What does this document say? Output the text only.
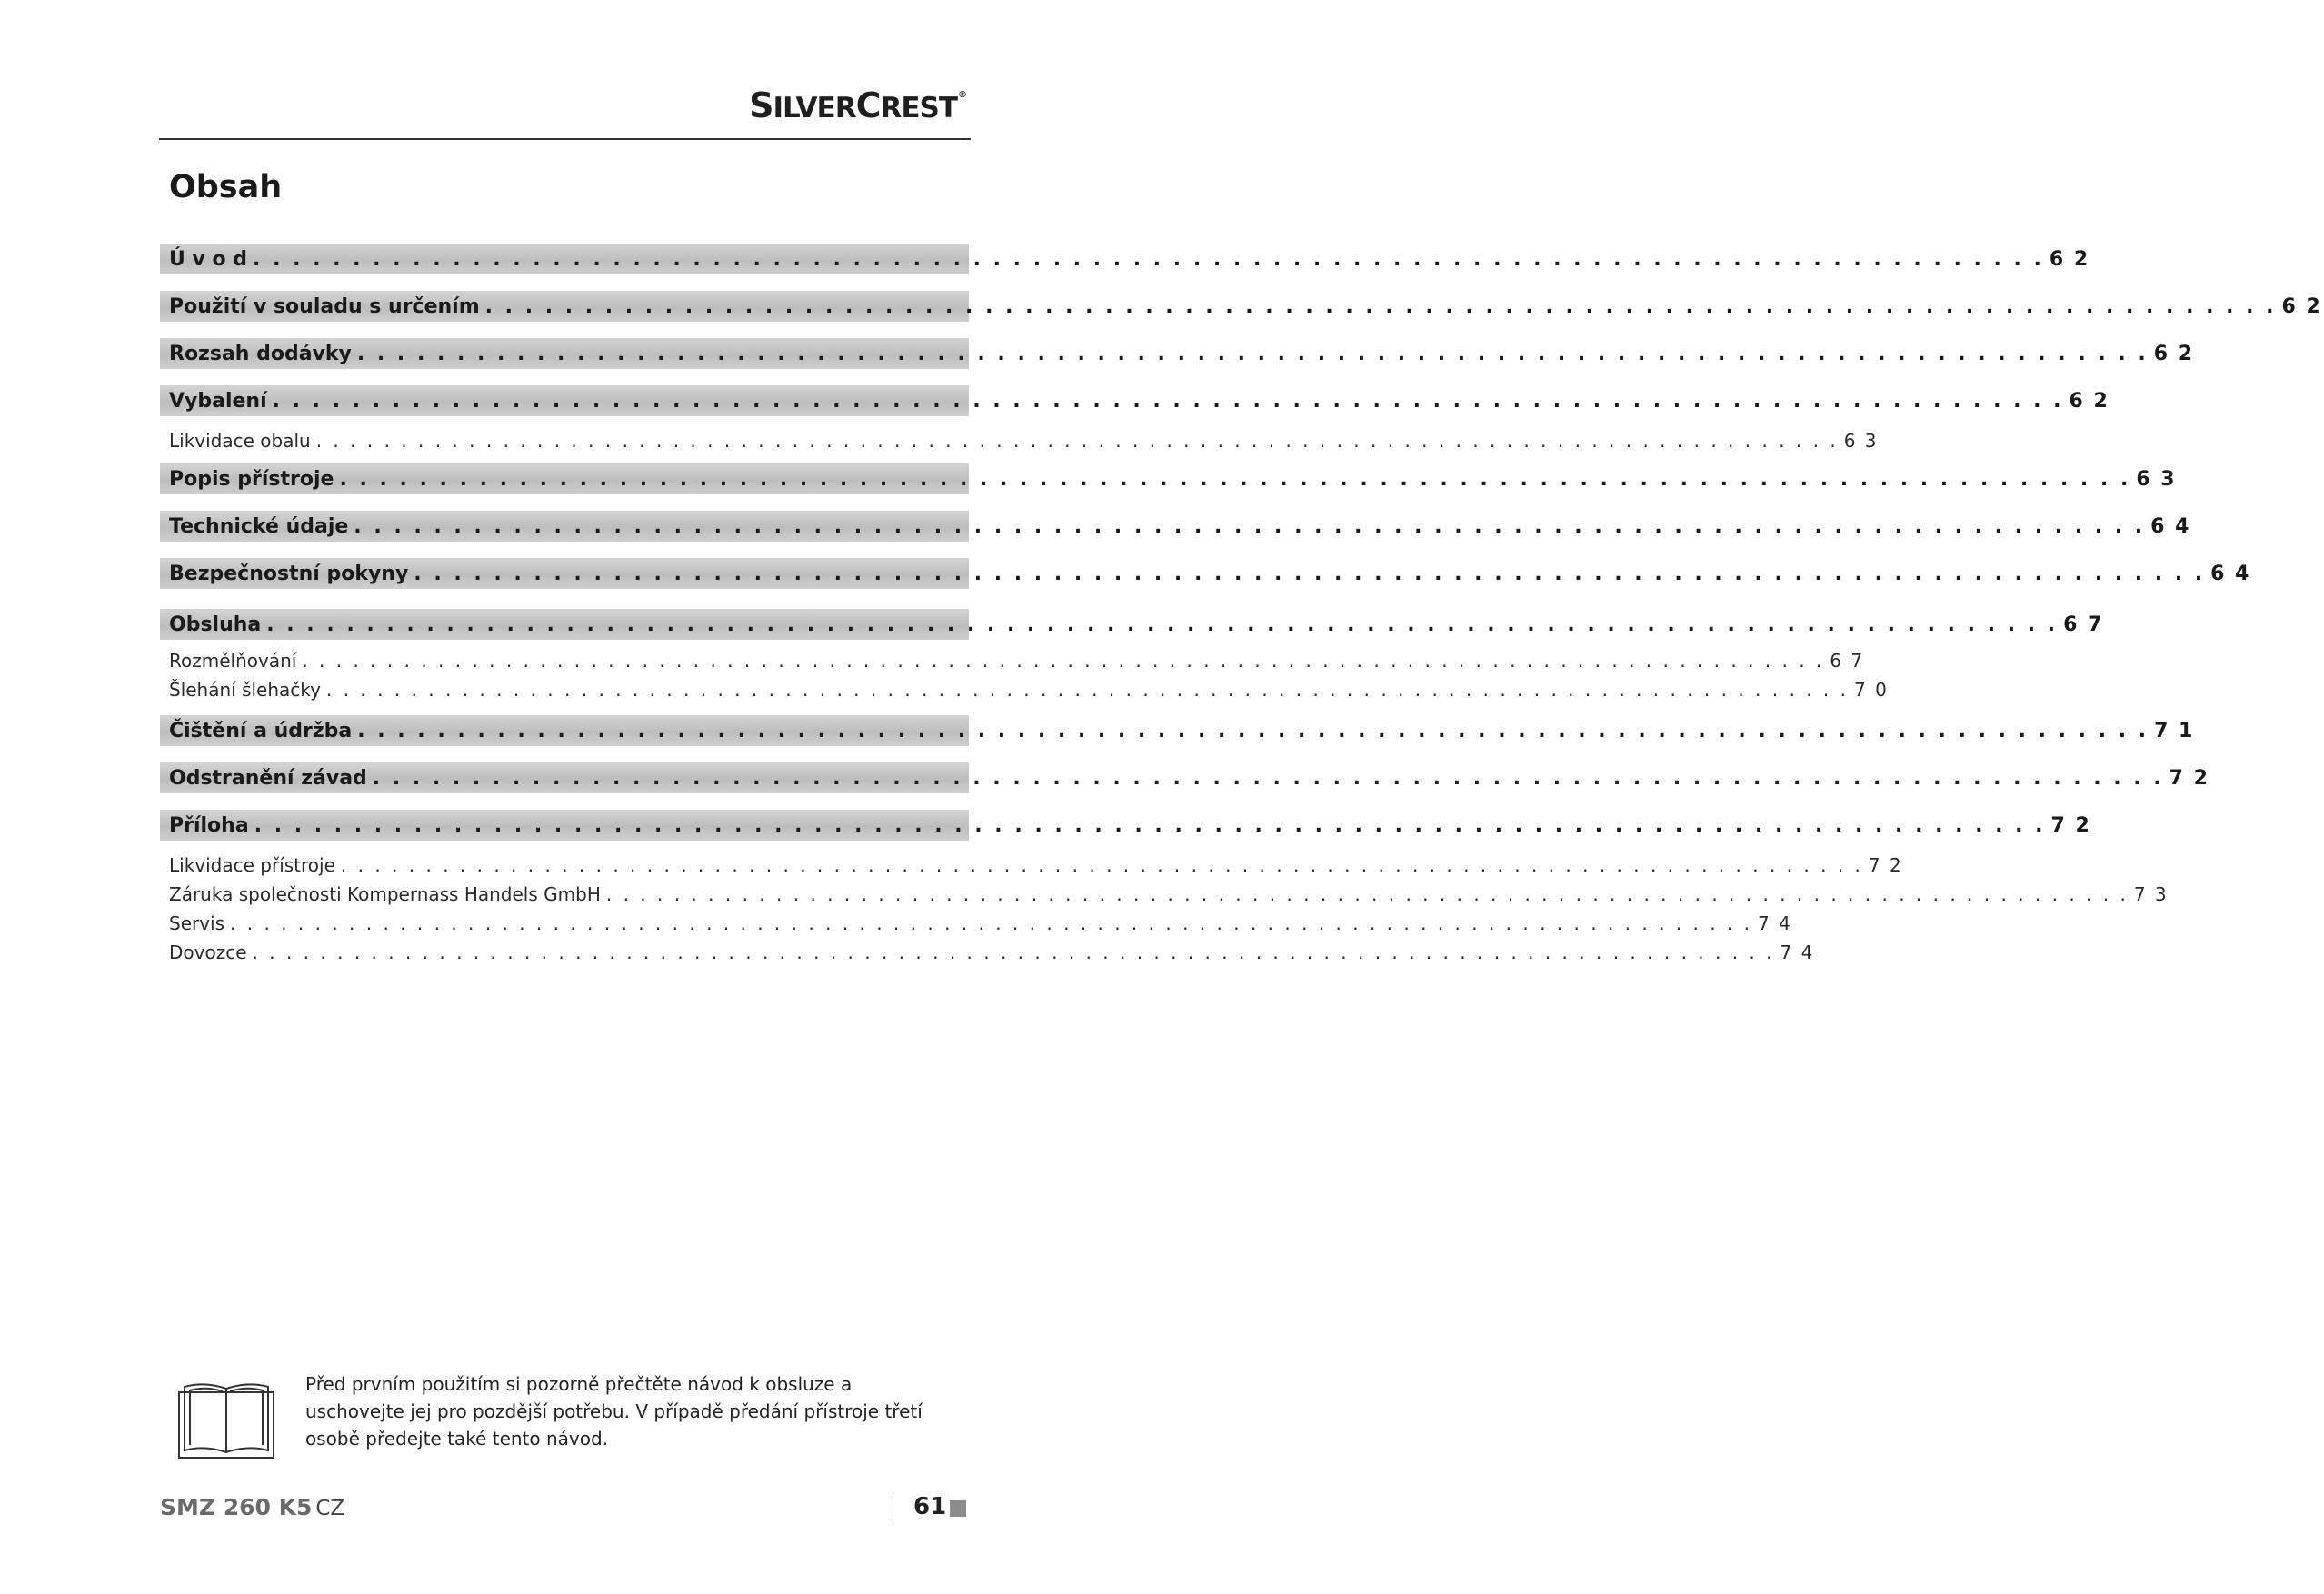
SILVERCREST®
Obsah
Ú v o d . . . . . . . . . . . . . . . . . . . . . . . . . . . . . . . . . . . . . . . . . . . . . . . . . . . . . . . . . . . . . . . . . . . . . . . . . . . . . . . . . . . . . . . . . . 6 2
Použití v souladu s určením . . . . . . . . . . . . . . . . . . . . . . . . . . . . . . . . . . . . . . . . . . . . . . . . . . . . . . . . . . . . . . . . . . . . . . . . . . . . . . . . . . . . . . . . . . 6 2
Rozsah dodávky . . . . . . . . . . . . . . . . . . . . . . . . . . . . . . . . . . . . . . . . . . . . . . . . . . . . . . . . . . . . . . . . . . . . . . . . . . . . . . . . . . . . . . . . . . 6 2
Vybalení . . . . . . . . . . . . . . . . . . . . . . . . . . . . . . . . . . . . . . . . . . . . . . . . . . . . . . . . . . . . . . . . . . . . . . . . . . . . . . . . . . . . . . . . . . 6 2
Likvidace obalu . . . . . . . . . . . . . . . . . . . . . . . . . . . . . . . . . . . . . . . . . . . . . . . . . . . . . . . . . . . . . . . . . . . . . . . . . . . . . . . . . . . . . . . . . . 6 3
Popis přístroje . . . . . . . . . . . . . . . . . . . . . . . . . . . . . . . . . . . . . . . . . . . . . . . . . . . . . . . . . . . . . . . . . . . . . . . . . . . . . . . . . . . . . . . . . . 6 3
Technické údaje . . . . . . . . . . . . . . . . . . . . . . . . . . . . . . . . . . . . . . . . . . . . . . . . . . . . . . . . . . . . . . . . . . . . . . . . . . . . . . . . . . . . . . . . . . 6 4
Bezpečnostní pokyny . . . . . . . . . . . . . . . . . . . . . . . . . . . . . . . . . . . . . . . . . . . . . . . . . . . . . . . . . . . . . . . . . . . . . . . . . . . . . . . . . . . . . . . . . . 6 4
Obsluha . . . . . . . . . . . . . . . . . . . . . . . . . . . . . . . . . . . . . . . . . . . . . . . . . . . . . . . . . . . . . . . . . . . . . . . . . . . . . . . . . . . . . . . . . . 6 7
Rozmělňování . . . . . . . . . . . . . . . . . . . . . . . . . . . . . . . . . . . . . . . . . . . . . . . . . . . . . . . . . . . . . . . . . . . . . . . . . . . . . . . . . . . . . . . . . . 6 7
Šlehání šlehačky . . . . . . . . . . . . . . . . . . . . . . . . . . . . . . . . . . . . . . . . . . . . . . . . . . . . . . . . . . . . . . . . . . . . . . . . . . . . . . . . . . . . . . . . . . 7 0
Čištění a údržba . . . . . . . . . . . . . . . . . . . . . . . . . . . . . . . . . . . . . . . . . . . . . . . . . . . . . . . . . . . . . . . . . . . . . . . . . . . . . . . . . . . . . . . . . . 7 1
Odstranění závad . . . . . . . . . . . . . . . . . . . . . . . . . . . . . . . . . . . . . . . . . . . . . . . . . . . . . . . . . . . . . . . . . . . . . . . . . . . . . . . . . . . . . . . . . . 7 2
Příloha . . . . . . . . . . . . . . . . . . . . . . . . . . . . . . . . . . . . . . . . . . . . . . . . . . . . . . . . . . . . . . . . . . . . . . . . . . . . . . . . . . . . . . . . . . 7 2
Likvidace přístroje . . . . . . . . . . . . . . . . . . . . . . . . . . . . . . . . . . . . . . . . . . . . . . . . . . . . . . . . . . . . . . . . . . . . . . . . . . . . . . . . . . . . . . . . . . 7 2
Záruka společnosti Kompernass Handels GmbH . . . . . . . . . . . . . . . . . . . . . . . . . . . . . . . . . . . . . . . . . . . . . . . . . . . . . . . . . . . . . . . . . . . . . . . . . . . . . . . . . . . . . . . . . . 7 3
Servis . . . . . . . . . . . . . . . . . . . . . . . . . . . . . . . . . . . . . . . . . . . . . . . . . . . . . . . . . . . . . . . . . . . . . . . . . . . . . . . . . . . . . . . . . . 7 4
Dovozce . . . . . . . . . . . . . . . . . . . . . . . . . . . . . . . . . . . . . . . . . . . . . . . . . . . . . . . . . . . . . . . . . . . . . . . . . . . . . . . . . . . . . . . . . . 7 4

Před prvním použitím si pozorně přečtěte návod k obsluze a uschovejte jej pro pozdější potřebu. V případě předání přístroje třetí osobě předejte také tento návod.

SMZ 260 K5 CZ	61
